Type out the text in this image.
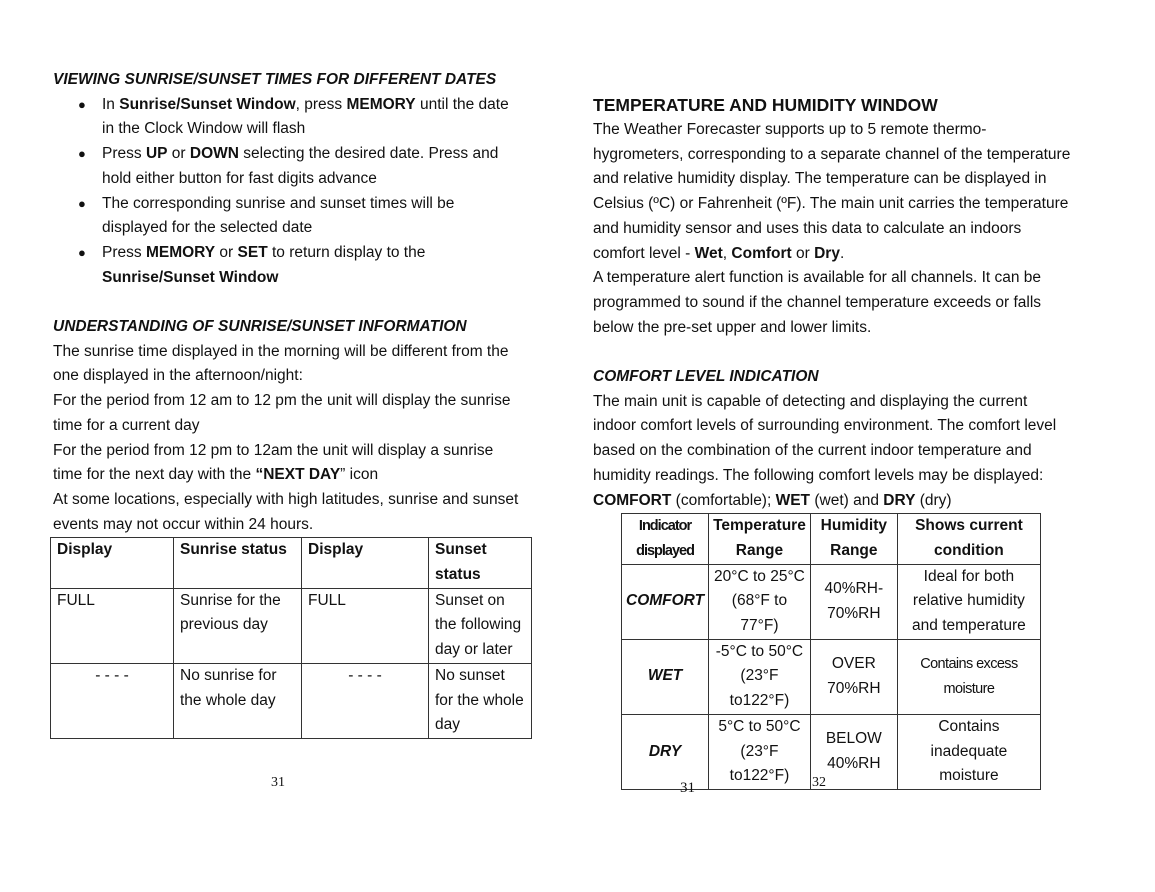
VIEWING SUNRISE/SUNSET TIMES FOR DIFFERENT DATES

● In Sunrise/Sunset Window, press MEMORY until the date in the Clock Window will flash
● Press UP or DOWN selecting the desired date. Press and hold either button for fast digits advance
● The corresponding sunrise and sunset times will be displayed for the selected date
● Press MEMORY or SET to return display to the Sunrise/Sunset Window

UNDERSTANDING OF SUNRISE/SUNSET INFORMATION

The sunrise time displayed in the morning will be different from the one displayed in the afternoon/night:

For the period from 12 am to 12 pm the unit will display the sunrise time for a current day

For the period from 12 pm to 12am the unit will display a sunrise time for the next day with the “NEXT DAY” icon

At some locations, especially with high latitudes, sunrise and sunset events may not occur within 24 hours.

Display	Sunrise status	Display	Sunset status
FULL	Sunrise for the previous day	FULL	Sunset on the following day or later
- - - -	No sunrise for the whole day	- - - -	No sunset for the whole day

TEMPERATURE AND HUMIDITY WINDOW

The Weather Forecaster supports up to 5 remote thermo-hygrometers, corresponding to a separate channel of the temperature and relative humidity display. The temperature can be displayed in Celsius (ºC) or Fahrenheit (ºF). The main unit carries the temperature and humidity sensor and uses this data to calculate an indoors comfort level - Wet, Comfort or Dry.

A temperature alert function is available for all channels. It can be programmed to sound if the channel temperature exceeds or falls below the pre-set upper and lower limits.

COMFORT LEVEL INDICATION

The main unit is capable of detecting and displaying the current indoor comfort levels of surrounding environment. The comfort level based on the combination of the current indoor temperature and humidity readings. The following comfort levels may be displayed: COMFORT (comfortable); WET (wet) and DRY (dry)

Indicator displayed	Temperature Range	Humidity Range	Shows current condition
COMFORT	20°C to 25°C (68°F to 77°F)	40%RH- 70%RH	Ideal for both relative humidity and temperature
WET	-5°C to 50°C (23°F to122°F)	OVER 70%RH	Contains excess moisture
DRY	5°C to 50°C (23°F to122°F)	BELOW 40%RH	Contains inadequate moisture
31	31	32
